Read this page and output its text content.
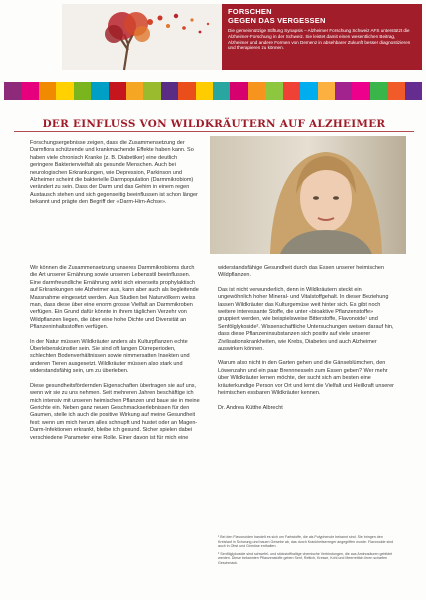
FORSCHEN
GEGEN DAS VERGESSEN
Die gemeinnützige Stiftung Synapsis – Alzheimer Forschung Schweiz AFS unterstützt die Alzheimer-Forschung in der Schweiz. Sie leistet damit einen wesentlichen Beitrag, Alzheimer und andere Formen von Demenz in absehbarer Zukunft besser diagnostizieren und therapieren zu können.
DER EINFLUSS VON WILDKRÄUTERN AUF ALZHEIMER

Forschungsergebnisse zeigen, dass die Zusammensetzung der Darmflora schützende und krankmachende Effekte haben kann. So haben viele chronisch Kranke (z. B. Diabetiker) eine deutlich geringere Bakterienvielfalt als gesunde Menschen. Auch bei neurologischen Erkrankungen, wie Depression, Parkinson und Alzheimer scheint die bakterielle Darmpopulation (Darmmikrobiom) verändert zu sein. Dass der Darm und das Gehirn in einem regen Austausch stehen und sich gegenseitig beeinflussen ist schon länger bekannt und prägte den Begriff der «Darm-Hirn-Achse».

Wir können die Zusammensetzung unseres Darmmikrobioms durch die Art unserer Ernährung sowie unseren Lebensstil beeinflussen. Eine darmfreundliche Ernährung wirkt sich einerseits prophylaktisch auf Erkrankungen wie Alzheimer aus, kann aber auch als begleitende Massnahme eingesetzt werden. Aus Studien bei Naturvölkern weiss man, dass diese über eine enorm grosse Vielfalt an Darmmikroben verfügen. Ein Grund dafür könnte in ihrem täglichen Verzehr von Wildpflanzen liegen, die über eine hohe Dichte und Diversität an Pflanzeninhaltsstoffen verfügen.

In der Natur müssen Wildkräuter anders als Kulturpflanzen echte Überlebenskünstler sein. Sie sind oft langen Dürreperioden, schlechten Bodenverhältnissen sowie nimmersatten Insekten und anderen Tieren ausgesetzt. Wildkräuter müssen also stark und widerstandsfähig sein, um zu überleben.

Diese gesundheitsfördernden Eigenschaften übertragen sie auf uns, wenn wir sie zu uns nehmen. Seit mehreren Jahren beschäftige ich mich intensiv mit unseren heimischen Pflanzen und baue sie in meine Gerichte ein. Neben ganz neuen Geschmackserlebnissen für den Gaumen, stelle ich auch die positive Wirkung auf meine Gesundheit fest: wenn um mich herum alles schnupft und hustet oder an Magen-Darm-Infektionen erkrankt, bleibe ich gesund. Sicher spielen dabei verschiedene Parameter eine Rolle. Einer davon ist für mich eine

widerstandsfähige Gesundheit durch das Essen unserer heimischen Wildpflanzen.

Das ist nicht verwunderlich, denn in Wildkräutern steckt ein ungewöhnlich hoher Mineral- und Vitalstoffgehalt. In dieser Beziehung lassen Wildkräuter das Kulturgemüse weit hinter sich. Es gibt noch weitere interessante Stoffe, die unter «bioaktive Pflanzenstoffe» gruppiert werden, wie beispielsweise Bitterstoffe, Flavonoide¹ und Senfölglykoside². Wissenschaftliche Untersuchungen weisen darauf hin, dass diese Pflanzeninsubstanzen sich positiv auf viele unserer Zivilisationskrankheiten, wie Krebs, Diabetes und auch Alzheimer auswirken können.

Warum also nicht in den Garten gehen und die Gänseblümchen, den Löwenzahn und ein paar Brennnesseln zum Essen geben? Wer mehr über Wildkräuter lernen möchte, der sucht sich am besten eine kräuterkundige Person vor Ort und lernt die Vielfalt und Heilkraft unserer heimischen essbaren Wildkräuter kennen.

Dr. Andrea Kütthe Albrecht

¹ Bei den Flavonoiden handelt es sich um Farbstoffe, die als Polyphenole bekannt sind. Sie bringen den Kreislauf in Schwung und bauen Gewebe ab, das durch Krankheitserreger angegriffen wurde. Flavonoide sind auch in Obst und Gemüse enthalten.

² Senfölglykoside sind schwefel- und stickstoffhaltige chemische Verbindungen, die aus Aminosäuren gebildet werden. Diese bekannten Pflanzenstoffe geben Senf, Rettich, Kresse, Kohl und Meerrettich ihren scharfen Geschmack.
